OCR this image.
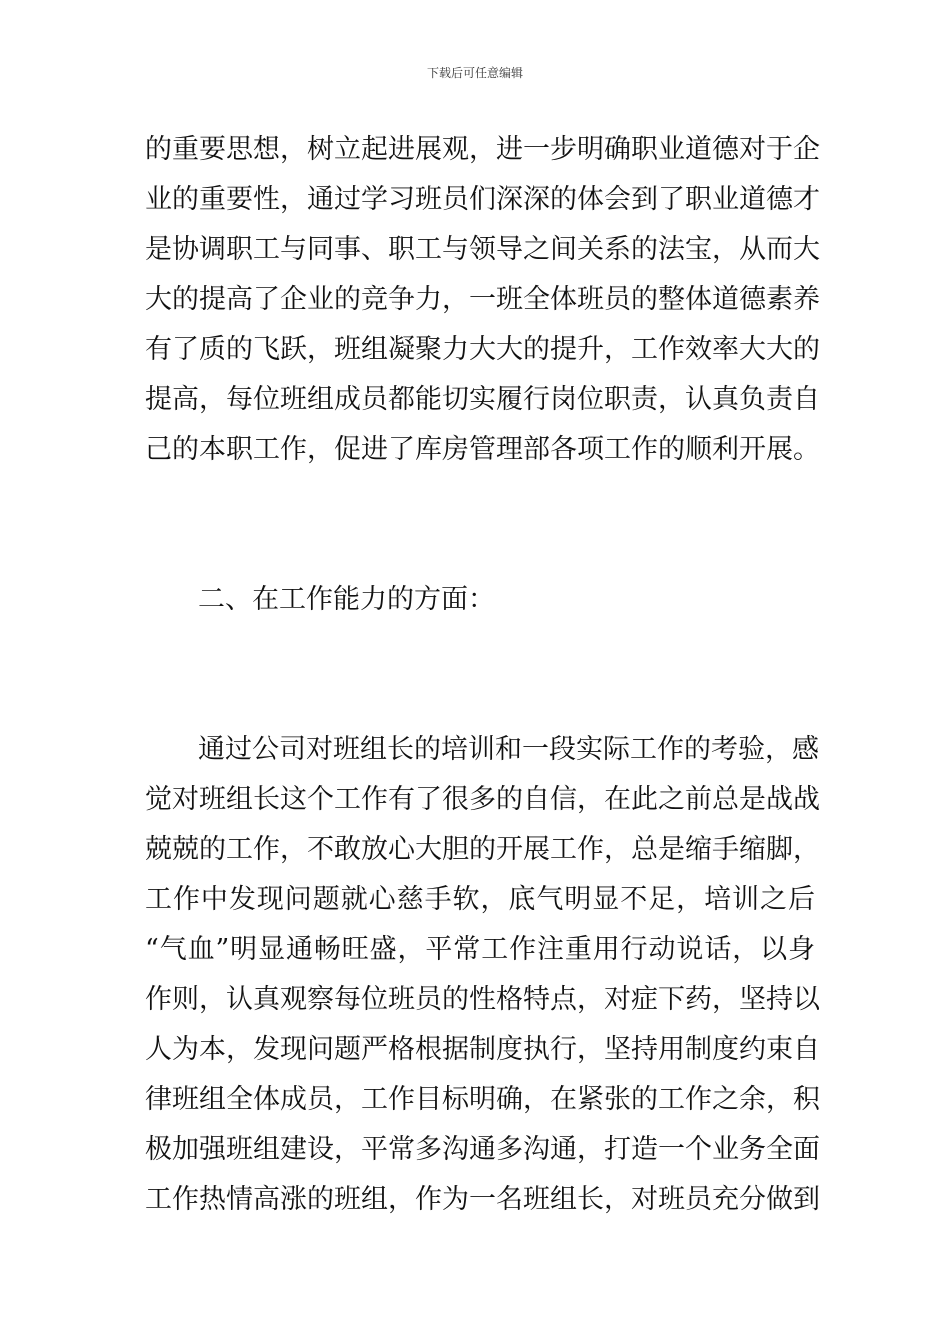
下载后可任意编辑
的重要思想，树立起进展观，进一步明确职业道德对于企
业的重要性，通过学习班员们深深的体会到了职业道德才
是协调职工与同事、职工与领导之间关系的法宝，从而大
大的提高了企业的竞争力，一班全体班员的整体道德素养
有了质的飞跃，班组凝聚力大大的提升，工作效率大大的
提高，每位班组成员都能切实履行岗位职责，认真负责自
己的本职工作，促进了库房管理部各项工作的顺利开展。
二、在工作能力的方面：
通过公司对班组长的培训和一段实际工作的考验，感
觉对班组长这个工作有了很多的自信，在此之前总是战战
兢兢的工作，不敢放心大胆的开展工作，总是缩手缩脚，
工作中发现问题就心慈手软，底气明显不足，培训之后
“气血”明显通畅旺盛，平常工作注重用行动说话，以身
作则，认真观察每位班员的性格特点，对症下药，坚持以
人为本，发现问题严格根据制度执行，坚持用制度约束自
律班组全体成员，工作目标明确，在紧张的工作之余，积
极加强班组建设，平常多沟通多沟通，打造一个业务全面
工作热情高涨的班组，作为一名班组长，对班员充分做到
